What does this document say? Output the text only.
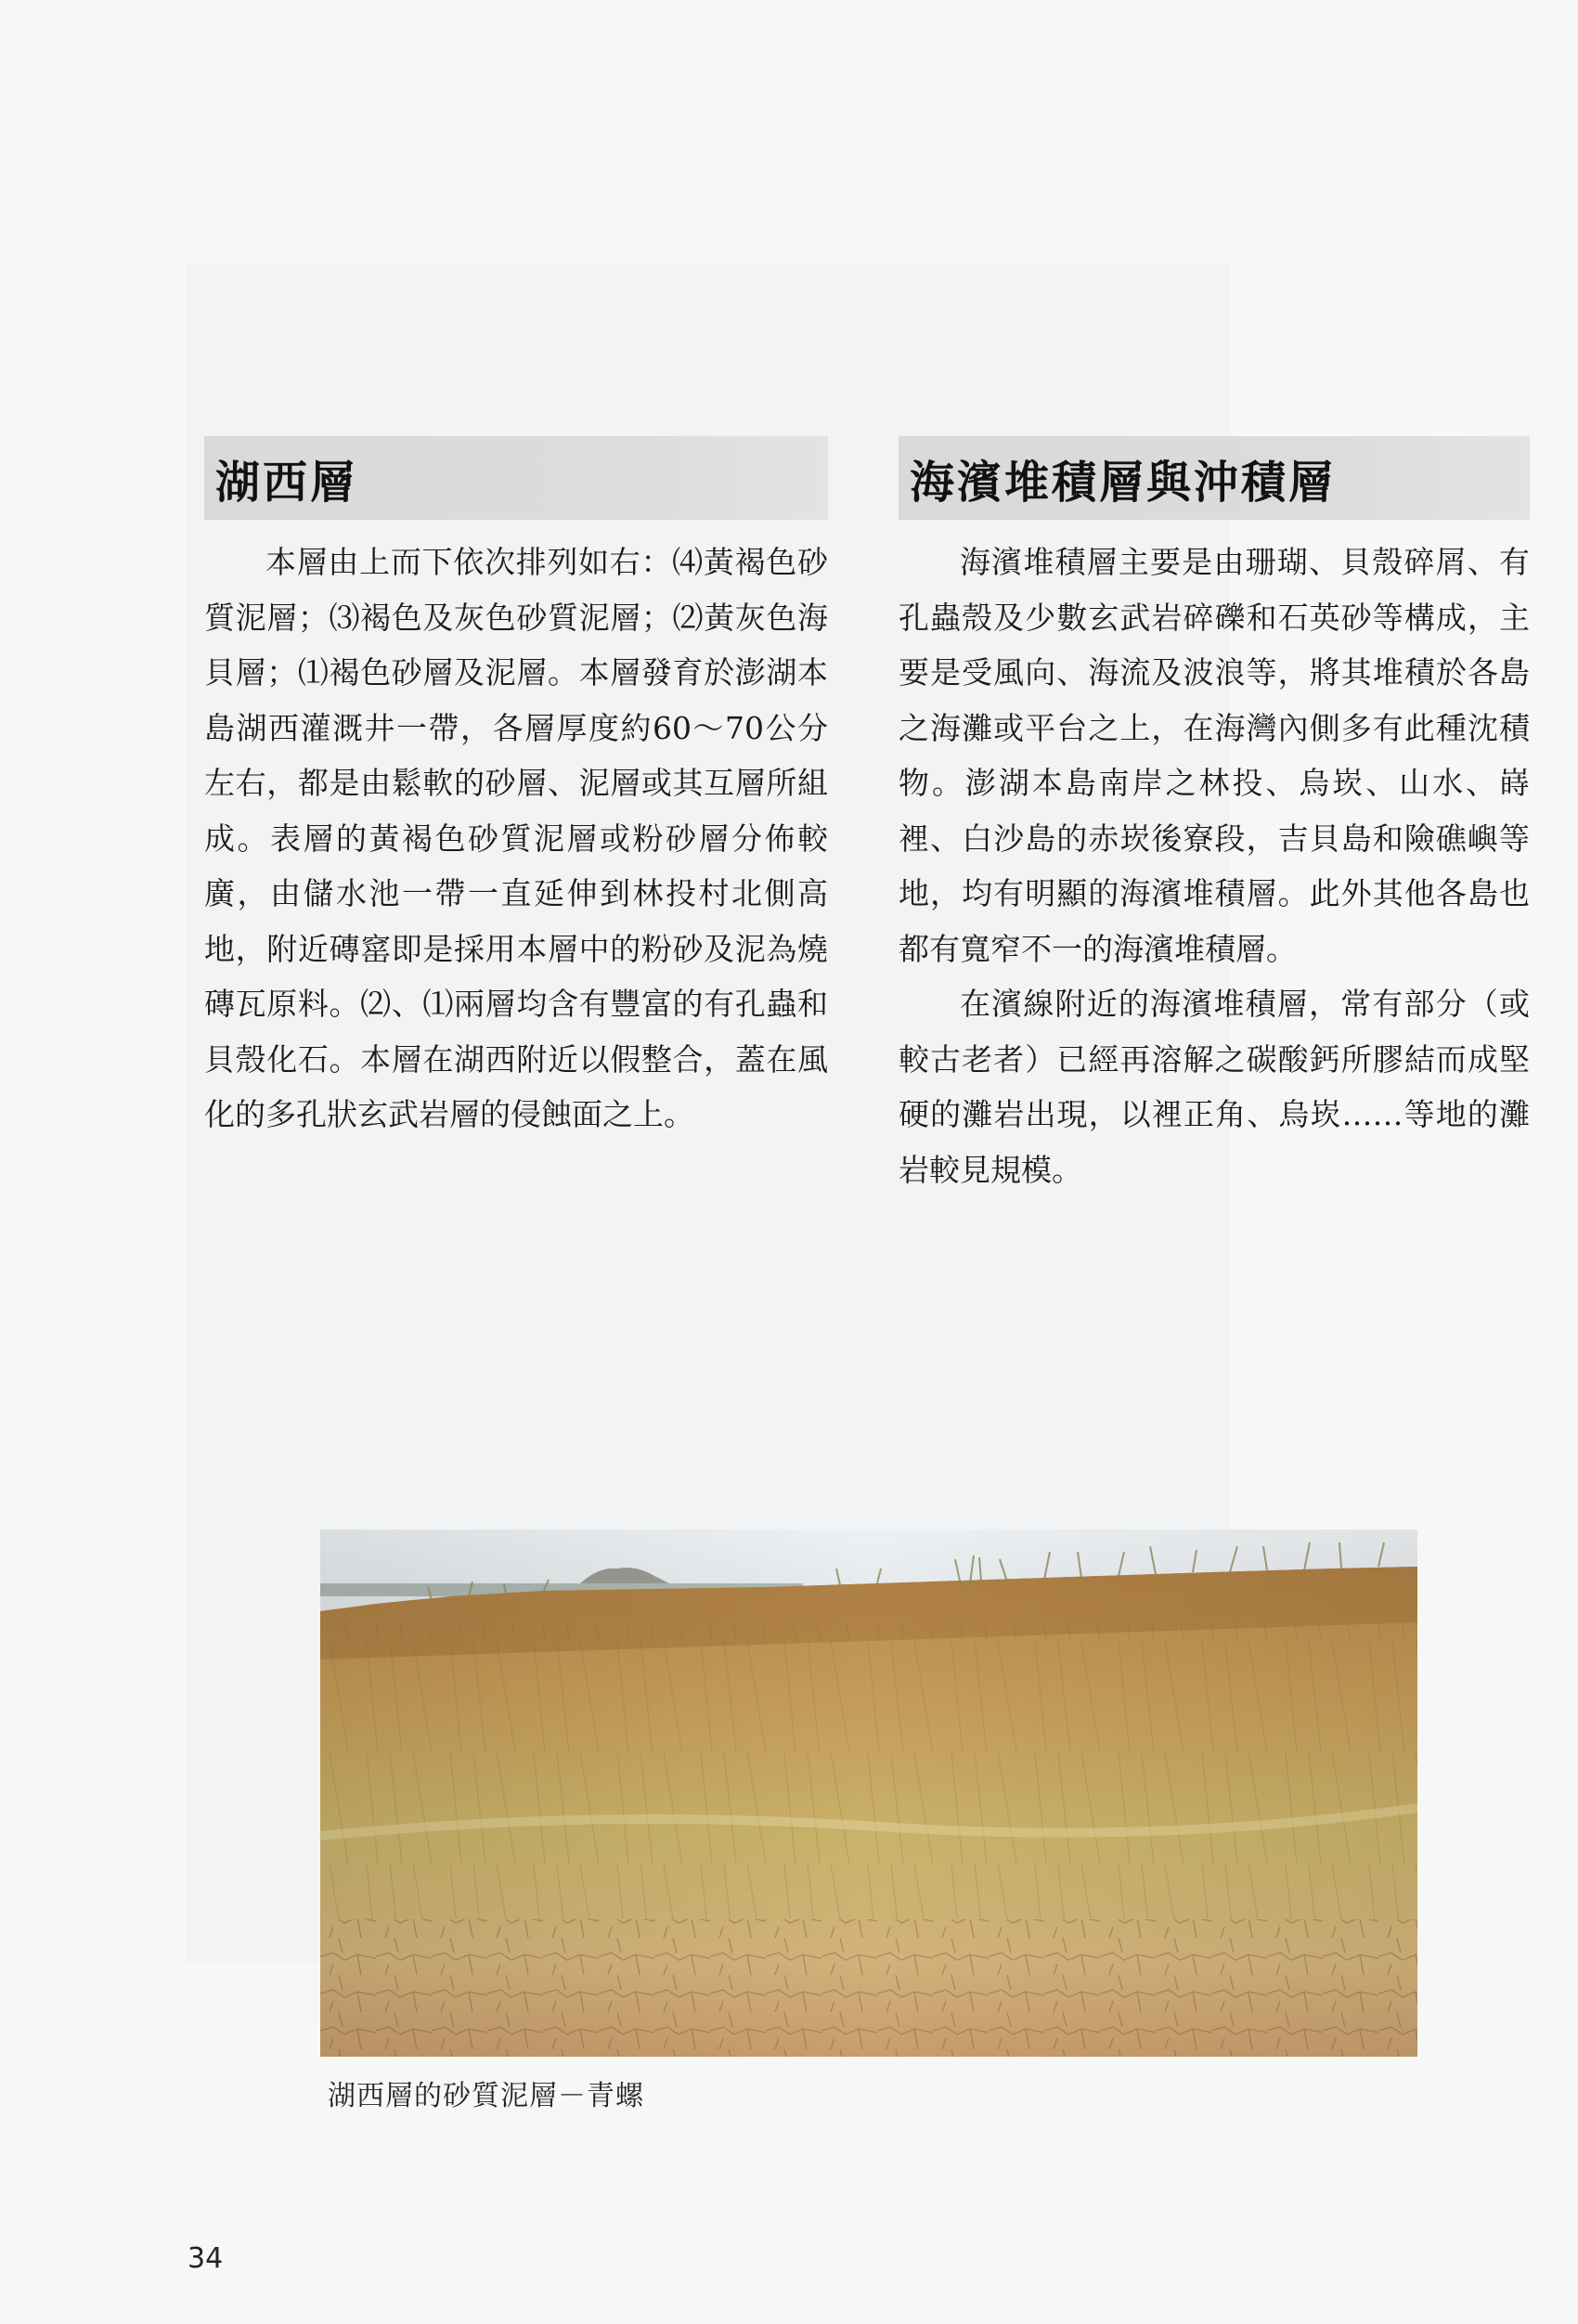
湖西層

本層由上而下依次排列如右：⑷黃褐色砂質泥層；⑶褐色及灰色砂質泥層；⑵黃灰色海貝層；⑴褐色砂層及泥層。本層發育於澎湖本島湖西灌溉井一帶，各層厚度約60～70公分左右，都是由鬆軟的砂層、泥層或其互層所組成。表層的黃褐色砂質泥層或粉砂層分佈較廣，由儲水池一帶一直延伸到林投村北側高地，附近磚窰即是採用本層中的粉砂及泥為燒磚瓦原料。⑵、⑴兩層均含有豐富的有孔蟲和貝殼化石。本層在湖西附近以假整合，蓋在風化的多孔狀玄武岩層的侵蝕面之上。

海濱堆積層與沖積層

海濱堆積層主要是由珊瑚、貝殼碎屑、有孔蟲殼及少數玄武岩碎礫和石英砂等構成，主要是受風向、海流及波浪等，將其堆積於各島之海灘或平台之上，在海灣內側多有此種沈積物。澎湖本島南岸之林投、烏崁、山水、嵵裡、白沙島的赤崁後寮段，吉貝島和險礁嶼等地，均有明顯的海濱堆積層。此外其他各島也都有寬窄不一的海濱堆積層。

在濱線附近的海濱堆積層，常有部分（或較古老者）已經再溶解之碳酸鈣所膠結而成堅硬的灘岩出現，以裡正角、烏崁……等地的灘岩較見規模。

湖西層的砂質泥層－青螺
34
